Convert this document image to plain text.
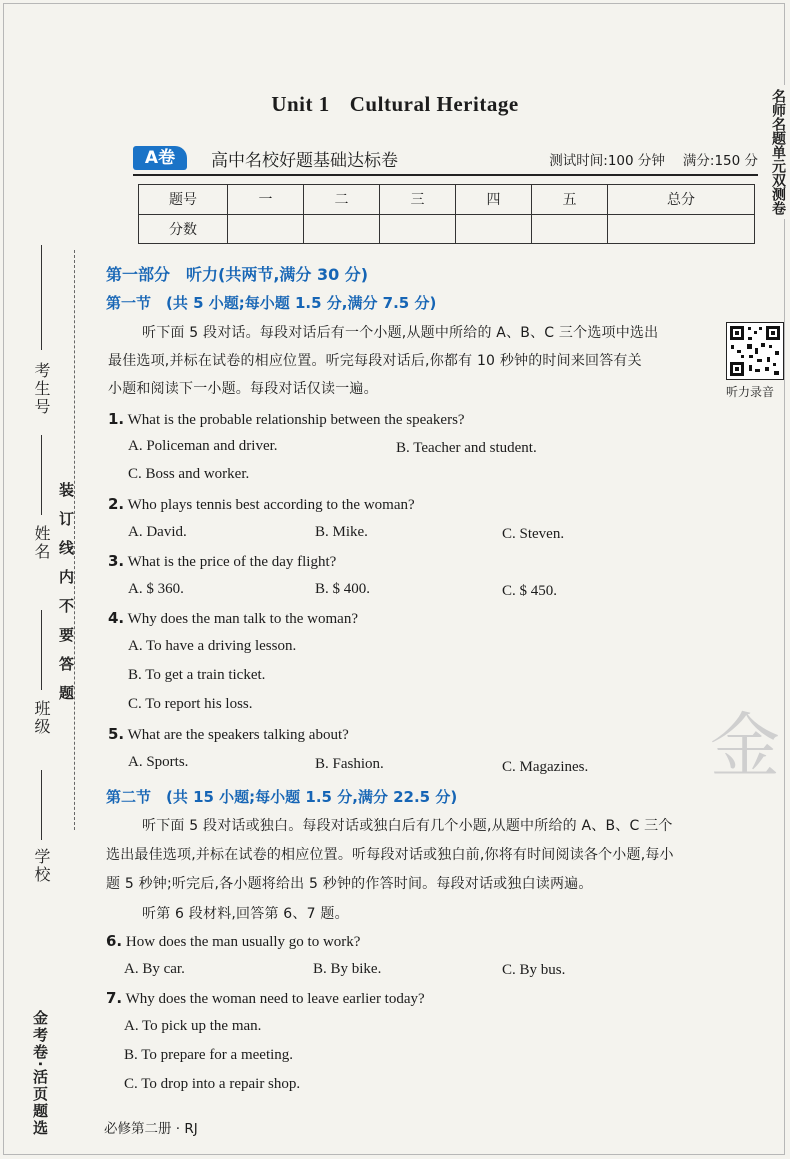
金考卷·活页题选
学校
班级
姓名
考生号
装订线内不要答题
名师名题单元双测卷
Unit 1 Cultural Heritage
A卷	高中名校好题基础达标卷	测试时间:100 分钟 满分:150 分
题号	一	二	三	四	五	总分
分数						
第一部分　听力(共两节,满分 30 分)
第一节　(共 5 小题;每小题 1.5 分,满分 7.5 分)
听下面 5 段对话。每段对话后有一个小题,从题中所给的 A、B、C 三个选项中选出
最佳选项,并标在试卷的相应位置。听完每段对话后,你都有 10 秒钟的时间来回答有关
小题和阅读下一小题。每段对话仅读一遍。	听力录音
1. What is the probable relationship between the speakers?
A. Policeman and driver.	B. Teacher and student.
C. Boss and worker.
2. Who plays tennis best according to the woman?
A. David.	B. Mike.	C. Steven.
3. What is the price of the day flight?
A. $ 360.	B. $ 400.	C. $ 450.
4. Why does the man talk to the woman?
A. To have a driving lesson.
B. To get a train ticket.
C. To report his loss.
5. What are the speakers talking about?
A. Sports.	B. Fashion.	C. Magazines.
第二节　(共 15 小题;每小题 1.5 分,满分 22.5 分)
听下面 5 段对话或独白。每段对话或独白后有几个小题,从题中所给的 A、B、C 三个
选出最佳选项,并标在试卷的相应位置。听每段对话或独白前,你将有时间阅读各个小题,每小
题 5 秒钟;听完后,各小题将给出 5 秒钟的作答时间。每段对话或独白读两遍。
听第 6 段材料,回答第 6、7 题。
6. How does the man usually go to work?
A. By car.	B. By bike.	C. By bus.
7. Why does the woman need to leave earlier today?
A. To pick up the man.
B. To prepare for a meeting.
C. To drop into a repair shop.
金
必修第二册 · RJ
